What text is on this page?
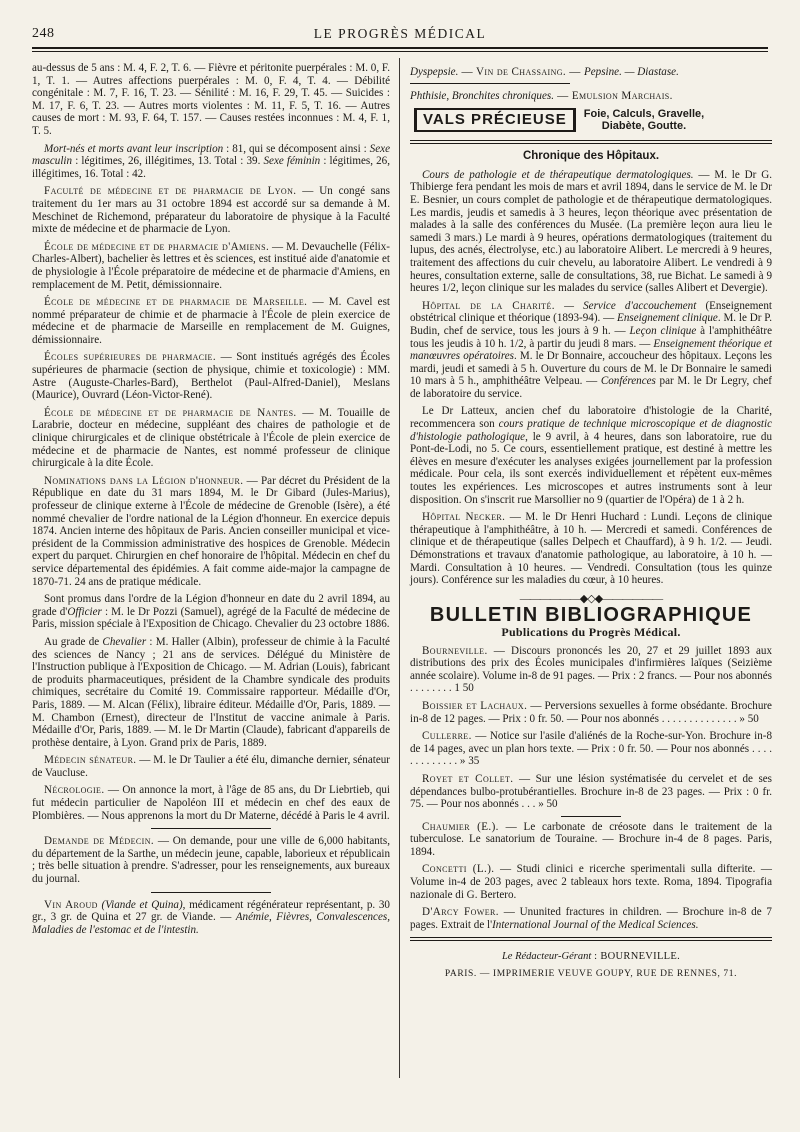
248	LE PROGRÈS MÉDICAL

au-dessus de 5 ans : M. 4, F. 2, T. 6. — Fièvre et péritonite puerpérales : M. 0, F. 1, T. 1. — Autres affections puerpérales : M. 0, F. 4, T. 4. — Débilité congénitale : M. 7, F. 16, T. 23. — Sénilité : M. 16, F. 29, T. 45. — Suicides : M. 17, F. 6, T. 23. — Autres morts violentes : M. 11, F. 5, T. 16. — Autres causes de mort : M. 93, F. 64, T. 157. — Causes restées inconnues : M. 4, F. 1, T. 5.

Mort-nés et morts avant leur inscription : 81, qui se décomposent ainsi : Sexe masculin : légitimes, 26, illégitimes, 13. Total : 39. Sexe féminin : légitimes, 26, illégitimes, 16. Total : 42.

Faculté de médecine et de pharmacie de Lyon. — Un congé sans traitement du 1er mars au 31 octobre 1894 est accordé sur sa demande à M. Meschinet de Richemond, préparateur du laboratoire de physique à la Faculté mixte de médecine et de pharmacie de Lyon.

École de médecine et de pharmacie d'Amiens. — M. Devauchelle (Félix-Charles-Albert), bachelier ès lettres et ès sciences, est institué aide d'anatomie et de physiologie à l'École préparatoire de médecine et de pharmacie d'Amiens, en remplacement de M. Petit, démissionnaire.

École de médecine et de pharmacie de Marseille. — M. Cavel est nommé préparateur de chimie et de pharmacie à l'École de plein exercice de médecine et de pharmacie de Marseille en remplacement de M. Guignes, démissionnaire.

Écoles supérieures de pharmacie. — Sont institués agrégés des Écoles supérieures de pharmacie (section de physique, chimie et toxicologie) : MM. Astre (Auguste-Charles-Bard), Berthelot (Paul-Alfred-Daniel), Meslans (Maurice), Ouvrard (Léon-Victor-René).

École de médecine et de pharmacie de Nantes. — M. Touaille de Larabrie, docteur en médecine, suppléant des chaires de pathologie et de clinique chirurgicales et de clinique obstétricale à l'École de plein exercice de médecine et de pharmacie de Nantes, est nommé professeur de clinique chirurgicale à la dite École.

Nominations dans la Légion d'honneur. — Par décret du Président de la République en date du 31 mars 1894, M. le Dr Gibard (Jules-Marius), professeur de clinique externe à l'École de médecine de Grenoble (Isère), a été nommé chevalier de l'ordre national de la Légion d'honneur. En exercice depuis 1874. Ancien interne des hôpitaux de Paris. Ancien conseiller municipal et vice-président de la Commission administrative des hospices de Grenoble. Médecin expert du parquet. Chirurgien en chef honoraire de l'hôpital. Médecin en chef du service départemental des épidémies. A fait comme aide-major la campagne de 1870-71. 24 ans de pratique médicale.

Sont promus dans l'ordre de la Légion d'honneur en date du 2 avril 1894, au grade d'Officier : M. le Dr Pozzi (Samuel), agrégé de la Faculté de médecine de Paris, mission spéciale à l'Exposition de Chicago. Chevalier du 23 octobre 1886.

Au grade de Chevalier : M. Haller (Albin), professeur de chimie à la Faculté des sciences de Nancy ; 21 ans de services. Délégué du Ministère de l'Instruction publique à l'Exposition de Chicago. — M. Adrian (Louis), fabricant de produits pharmaceutiques, président de la Chambre syndicale des produits chimiques, secrétaire du Comité 19. Commissaire rapporteur. Médaille d'Or, Paris, 1889. — M. Alcan (Félix), libraire éditeur. Médaille d'Or, Paris, 1889. — M. Chambon (Ernest), directeur de l'Institut de vaccine animale à Paris. Médaille d'Or, Paris, 1889. — M. le Dr Martin (Claude), fabricant d'appareils de prothèse dentaire, à Lyon. Grand prix de Paris, 1889.

Médecin sénateur. — M. le Dr Taulier a été élu, dimanche dernier, sénateur de Vaucluse.

Nécrologie. — On annonce la mort, à l'âge de 85 ans, du Dr Liebrtieb, qui fut médecin particulier de Napoléon III et médecin en chef des eaux de Plombières. — Nous apprenons la mort du Dr Materne, décédé à Paris le 4 avril.

Demande de Médecin. — On demande, pour une ville de 6,000 habitants, du département de la Sarthe, un médecin jeune, capable, laborieux et républicain ; très belle situation à prendre. S'adresser, pour les renseignements, aux bureaux du journal.

Vin Aroud (Viande et Quina), médicament régénérateur représentant, p. 30 gr., 3 gr. de Quina et 27 gr. de Viande. — Anémie, Fièvres, Convalescences, Maladies de l'estomac et de l'intestin.

Dyspepsie. — Vin de Chassaing. — Pepsine. — Diastase.

Phthisie, Bronchites chroniques. — Emulsion Marchais.

VALS PRÉCIEUSE	Foie, Calculs, Gravelle,
Diabète, Goutte.
Chronique des Hôpitaux.

Cours de pathologie et de thérapeutique dermatologiques. — M. le Dr G. Thibierge fera pendant les mois de mars et avril 1894, dans le service de M. le Dr E. Besnier, un cours complet de pathologie et de thérapeutique dermatologiques. Les mardis, jeudis et samedis à 3 heures, leçon théorique avec présentation de malades à la salle des conférences du Musée. (La première leçon aura lieu le samedi 3 mars.) Le mardi à 9 heures, opérations dermatologiques (traitement du lupus, des acnés, électrolyse, etc.) au laboratoire Alibert. Le mercredi à 9 heures, traitement des affections du cuir chevelu, au laboratoire Alibert. Le vendredi à 9 heures, consultation externe, salle de consultations, 38, rue Bichat. Le samedi à 9 heures 1/2, leçon clinique sur les malades du service (salles Alibert et Devergie).

Hôpital de la Charité. — Service d'accouchement (Enseignement obstétrical clinique et théorique (1893-94). — Enseignement clinique. M. le Dr P. Budin, chef de service, tous les jours à 9 h. — Leçon clinique à l'amphithéâtre tous les jeudis à 10 h. 1/2, à partir du jeudi 8 mars. — Enseignement théorique et manœuvres opératoires. M. le Dr Bonnaire, accoucheur des hôpitaux. Leçons les mardi, jeudi et samedi à 5 h. Ouverture du cours de M. le Dr Bonnaire le samedi 10 mars à 5 h., amphithéâtre Velpeau. — Conférences par M. le Dr Legry, chef de laboratoire du service.

Le Dr Latteux, ancien chef du laboratoire d'histologie de la Charité, recommencera son cours pratique de technique microscopique et de diagnostic d'histologie pathologique, le 9 avril, à 4 heures, dans son laboratoire, rue du Pont-de-Lodi, no 5. Ce cours, essentiellement pratique, est destiné à mettre les élèves en mesure d'exécuter les analyses exigées journellement par la profession médicale. Pour cela, ils sont exercés individuellement et répètent eux-mêmes toutes les expériences. Les microscopes et autres instruments sont à leur disposition. On s'inscrit rue Marsollier no 9 (quartier de l'Opéra) de 1 à 2 h.

Hôpital Necker. — M. le Dr Henri Huchard : Lundi. Leçons de clinique thérapeutique à l'amphithéâtre, à 10 h. — Mercredi et samedi. Conférences de clinique et de thérapeutique (salles Delpech et Chauffard), à 9 h. 1/2. — Jeudi. Démonstrations et travaux d'anatomie pathologique, au laboratoire, à 10 h. — Mardi. Consultation à 10 heures. — Vendredi. Consultation (tous les quinze jours). Conférence sur les maladies du cœur, à 10 heures.

——————◆◇◆——————
BULLETIN BIBLIOGRAPHIQUE
Publications du Progrès Médical.

Bourneville. — Discours prononcés les 20, 27 et 29 juillet 1893 aux distributions des prix des Écoles municipales d'infirmières laïques (Seizième année scolaire). Volume in-8 de 91 pages. — Prix : 2 francs. — Pour nos abonnés . . . . . . . . 1 50

Boissier et Lachaux. — Perversions sexuelles à forme obsédante. Brochure in-8 de 12 pages. — Prix : 0 fr. 50. — Pour nos abonnés . . . . . . . . . . . . . . » 50

Cullerre. — Notice sur l'asile d'aliénés de la Roche-sur-Yon. Brochure in-8 de 14 pages, avec un plan hors texte. — Prix : 0 fr. 50. — Pour nos abonnés . . . . . . . . . . . . . » 35

Royet et Collet. — Sur une lésion systématisée du cervelet et de ses dépendances bulbo-protubérantielles. Brochure in-8 de 23 pages. — Prix : 0 fr. 75. — Pour nos abonnés . . . » 50

Chaumier (E.). — Le carbonate de créosote dans le traitement de la tuberculose. Le sanatorium de Touraine. — Brochure in-4 de 8 pages. Paris, 1894.

Concetti (L.). — Studi clinici e ricerche sperimentali sulla difterite. — Volume in-4 de 203 pages, avec 2 tableaux hors texte. Roma, 1894. Tipografia nazionale di G. Bertero.

D'Arcy Fower. — Ununited fractures in children. — Brochure in-8 de 7 pages. Extrait de l'International Journal of the Medical Sciences.

Le Rédacteur-Gérant : BOURNEVILLE.
PARIS. — IMPRIMERIE VEUVE GOUPY, RUE DE RENNES, 71.
